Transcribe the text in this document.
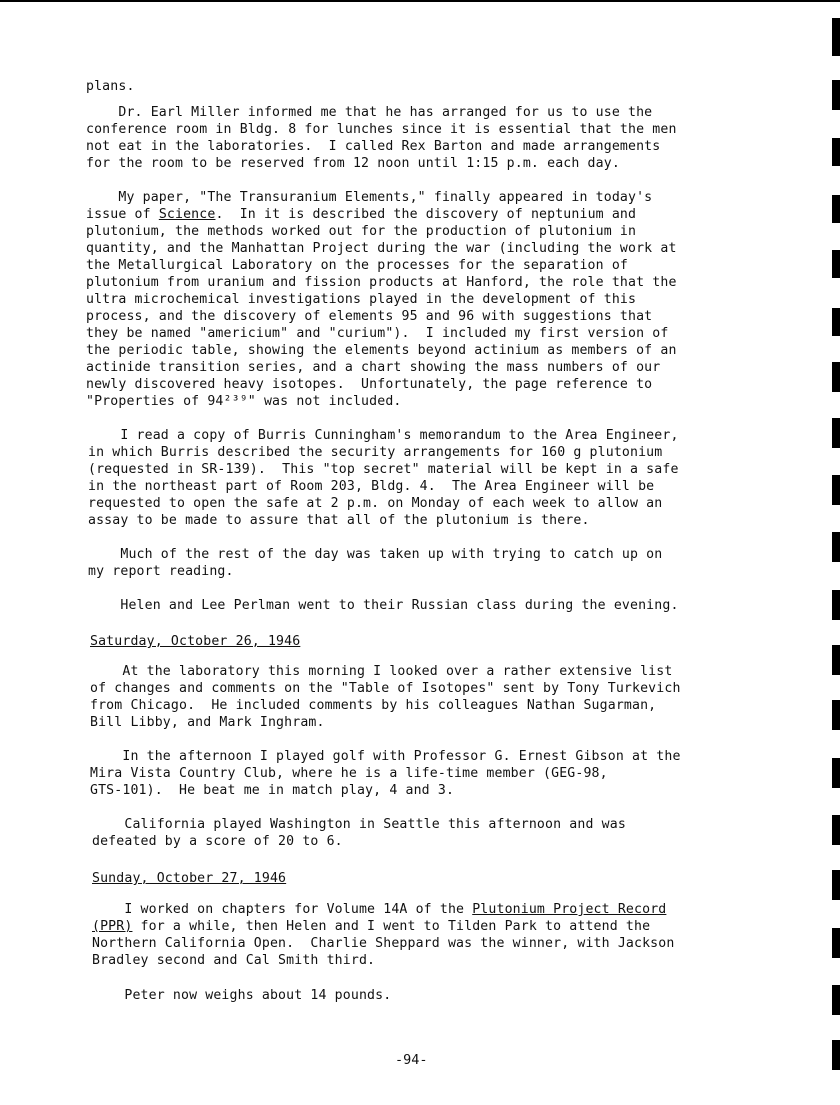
plans.
Dr. Earl Miller informed me that he has arranged for us to use the
conference room in Bldg. 8 for lunches since it is essential that the men
not eat in the laboratories.  I called Rex Barton and made arrangements
for the room to be reserved from 12 noon until 1:15 p.m. each day.
My paper, "The Transuranium Elements," finally appeared in today's
issue of Science.  In it is described the discovery of neptunium and
plutonium, the methods worked out for the production of plutonium in
quantity, and the Manhattan Project during the war (including the work at
the Metallurgical Laboratory on the processes for the separation of
plutonium from uranium and fission products at Hanford, the role that the
ultra microchemical investigations played in the development of this
process, and the discovery of elements 95 and 96 with suggestions that
they be named "americium" and "curium").  I included my first version of
the periodic table, showing the elements beyond actinium as members of an
actinide transition series, and a chart showing the mass numbers of our
newly discovered heavy isotopes.  Unfortunately, the page reference to
"Properties of 94²³⁹" was not included.
I read a copy of Burris Cunningham's memorandum to the Area Engineer,
in which Burris described the security arrangements for 160 g plutonium
(requested in SR-139).  This "top secret" material will be kept in a safe
in the northeast part of Room 203, Bldg. 4.  The Area Engineer will be
requested to open the safe at 2 p.m. on Monday of each week to allow an
assay to be made to assure that all of the plutonium is there.
Much of the rest of the day was taken up with trying to catch up on
my report reading.
Helen and Lee Perlman went to their Russian class during the evening.
Saturday, October 26, 1946
At the laboratory this morning I looked over a rather extensive list
of changes and comments on the "Table of Isotopes" sent by Tony Turkevich
from Chicago.  He included comments by his colleagues Nathan Sugarman,
Bill Libby, and Mark Inghram.
In the afternoon I played golf with Professor G. Ernest Gibson at the
Mira Vista Country Club, where he is a life-time member (GEG-98,
GTS-101).  He beat me in match play, 4 and 3.
California played Washington in Seattle this afternoon and was
defeated by a score of 20 to 6.
Sunday, October 27, 1946
I worked on chapters for Volume 14A of the Plutonium Project Record
(PPR) for a while, then Helen and I went to Tilden Park to attend the
Northern California Open.  Charlie Sheppard was the winner, with Jackson
Bradley second and Cal Smith third.
Peter now weighs about 14 pounds.
-94-
